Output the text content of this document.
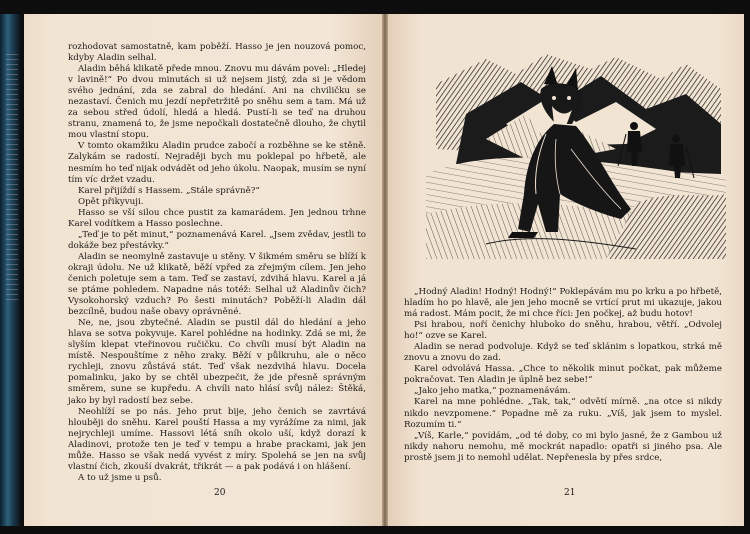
rozhodovat samostatně, kam poběží. Hasso je jen nouzová pomoc, kdyby Aladin selhal.

Aladin běhá klikatě přede mnou. Znovu mu dávám povel: „Hledej v lavině!“ Po dvou minutách si už nejsem jistý, zda si je vědom svého jednání, zda se zabral do hledání. Ani na chviličku se nezastaví. Čenich mu jezdí nepřetržitě po sněhu sem a tam. Má už za sebou střed údolí, hledá a hledá. Pustí-li se teď na druhou stranu, znamená to, že jsme nepočkali dostatečně dlouho, že chytil mou vlastní stopu.

V tomto okamžiku Aladin prudce zabočí a rozběhne se ke stěně. Zalykám se radostí. Nejraději bych mu poklepal po hřbetě, ale nesmím ho teď nijak odvádět od jeho úkolu. Naopak, musím se nyní tím víc držet vzadu.

Karel přijíždí s Hassem. „Stále správně?“

Opět přikyvuji.

Hasso se vší silou chce pustit za kamarádem. Jen jednou trhne Karel vodítkem a Hasso poslechne.

„Teď je to pět minut,“ poznamenává Karel. „Jsem zvědav, jestli to dokáže bez přestávky.“

Aladin se neomylně zastavuje u stěny. V šikmém směru se blíží k okraji údolu. Ne už klikatě, běží vpřed za zřejmým cílem. Jen jeho čenich poletuje sem a tam. Teď se zastaví, zdvihá hlavu. Karel a já se ptáme pohledem. Napadne nás totéž: Selhal už Aladinův čich? Vysokohorský vzduch? Po šesti minutách? Poběží-li Aladin dál bezcílně, budou naše obavy oprávněné.

Ne, ne, jsou zbytečné. Aladin se pustil dál do hledání a jeho hlava se sotva pokyvuje. Karel pohlédne na hodinky. Zdá se mi, že slyším klepat vteřinovou ručičku. Co chvíli musí být Aladin na místě. Nespouštíme z něho zraky. Běží v půlkruhu, ale o něco rychleji, znovu zůstává stát. Teď však nezdvihá hlavu. Docela pomalinku, jako by se chtěl ubezpečit, že jde přesně správným směrem, sune se kupředu. A chvíli nato hlásí svůj nález: Štěká, jako by byl radostí bez sebe.

Neohlíží se po nás. Jeho prut bije, jeho čenich se zavrtává hlouběji do sněhu. Karel pouští Hassa a my vyrážíme za nimi, jak nejrychleji umíme. Hassovi létá sníh okolo uší, když dorazí k Aladinovi, protože ten je teď v tempu a hrabe prackami, jak jen může. Hasso se však nedá vyvést z míry. Spolehá se jen na svůj vlastní čich, zkouší dvakrát, třikrát — a pak podává i on hlášení.

A to už jsme u psů.

20

„Hodný Aladin! Hodný! Hodný!“ Poklepávám mu po krku a po hřbetě, hladím ho po hlavě, ale jen jeho mocně se vrtící prut mi ukazuje, jakou má radost. Mám pocit, že mi chce říci: Jen počkej, až budu hotov!

Psi hrabou, noří čenichy hluboko do sněhu, hrabou, větří. „Odvolej ho!“ ozve se Karel.

Aladin se nerad podvoluje. Když se teď sklánim s lopatkou, strká mě znovu a znovu do zad.

Karel odvolává Hassa. „Chce to několik minut počkat, pak můžeme pokračovat. Ten Aladin je úplně bez sebe!“

„Jako jeho matka,“ poznamenávám.

Karel na mne pohlédne. „Tak, tak,“ odvětí mírně. „na otce si nikdy nikdo nevzpomene.“ Popadne mě za ruku. „Víš, jak jsem to myslel. Rozumím ti.“

„Víš, Karle,“ povídám, „od té doby, co mi bylo jasné, že z Gambou už nikdy nahoru nemohu, mě mockrát napadlo: opatři si jiného psa. Ale prostě jsem ji to nemohl udělat. Nepřenesla by přes srdce,

21
